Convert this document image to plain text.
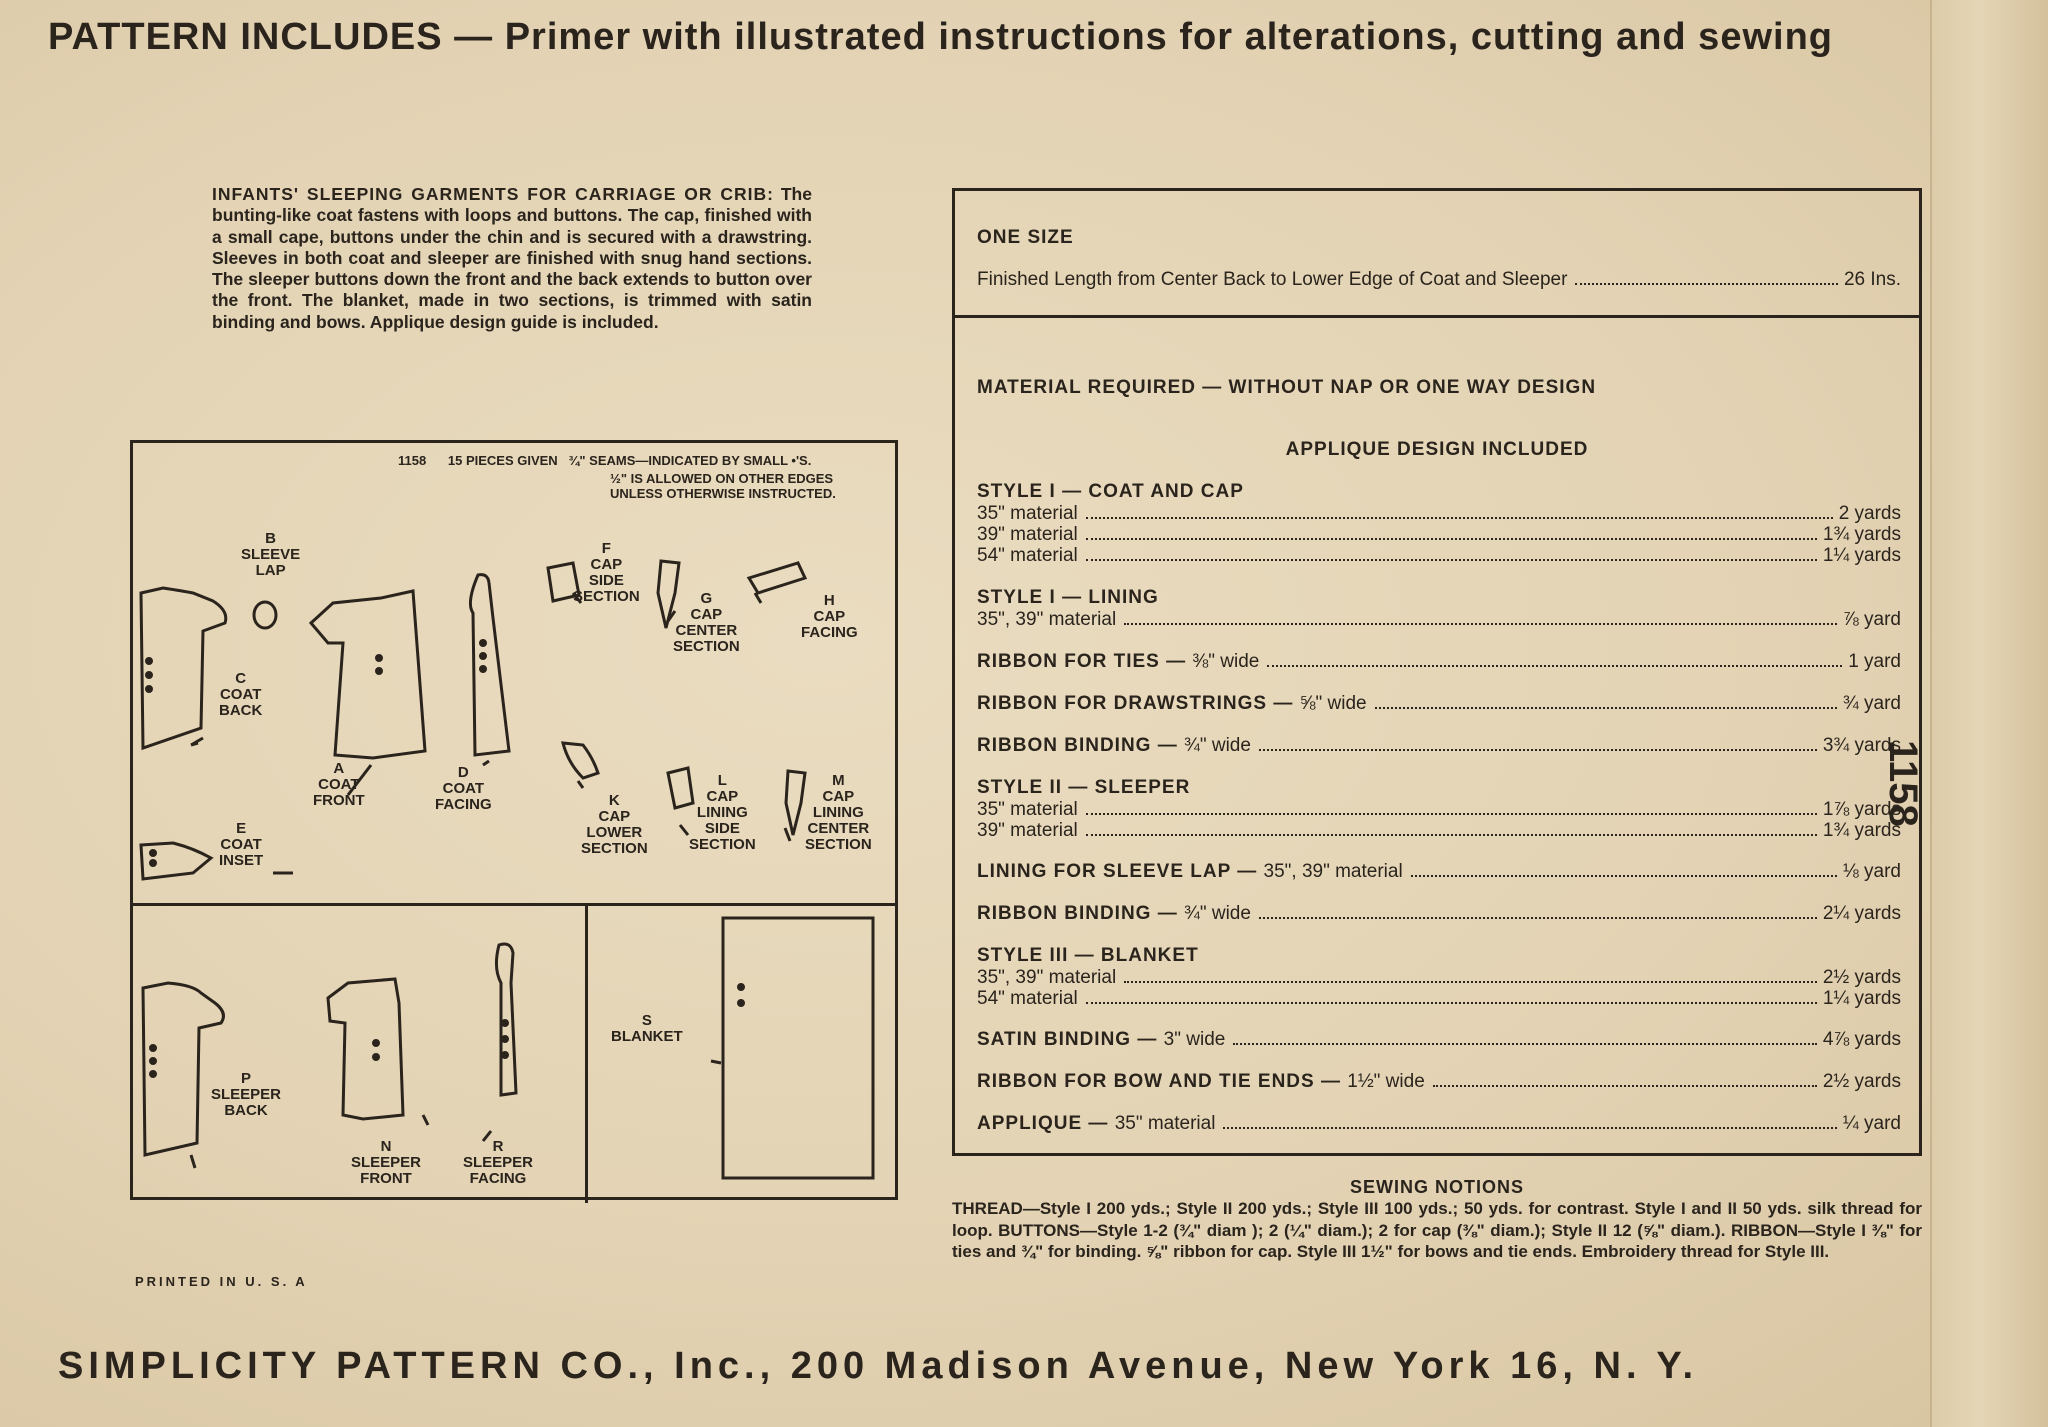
PATTERN INCLUDES — Primer with illustrated instructions for alterations, cutting and sewing
INFANTS' SLEEPING GARMENTS FOR CARRIAGE OR CRIB: The bunting-like coat fastens with loops and buttons. The cap, finished with a small cape, buttons under the chin and is secured with a drawstring. Sleeves in both coat and sleeper are finished with snug hand sections. The sleeper buttons down the front and the back extends to button over the front. The blanket, made in two sections, is trimmed with satin binding and bows. Applique design guide is included.
1158 15 PIECES GIVEN ¾" SEAMS—INDICATED BY SMALL •'S.
½" IS ALLOWED ON OTHER EDGES
UNLESS OTHERWISE INSTRUCTED.
B
SLEEVE
LAP
C
COAT
BACK
A
COAT
FRONT
D
COAT
FACING
F
CAP
SIDE
SECTION	G
CAP
CENTER
SECTION
H
CAP
FACING
E
COAT
INSET
K
CAP
LOWER
SECTION
L
CAP
LINING
SIDE
SECTION
M
CAP
LINING
CENTER
SECTION
P
SLEEPER
BACK
N
SLEEPER
FRONT
R
SLEEPER
FACING
S
BLANKET
PRINTED IN U. S. A
1158
ONE SIZE
Finished Length from Center Back to Lower Edge of Coat and Sleeper	26 Ins.
MATERIAL REQUIRED — WITHOUT NAP OR ONE WAY DESIGN
APPLIQUE DESIGN INCLUDED
STYLE I — COAT AND CAP
35" material	2 yards
39" material	1¾ yards
54" material	1¼ yards
STYLE I — LINING
35", 39" material	⅞ yard
RIBBON FOR TIES — ⅜" wide	1 yard
RIBBON FOR DRAWSTRINGS — ⅝" wide	¾ yard
RIBBON BINDING — ¾" wide	3¾ yards
STYLE II — SLEEPER
35" material	1⅞ yards
39" material	1¾ yards
LINING FOR SLEEVE LAP — 35", 39" material	⅛ yard
RIBBON BINDING — ¾" wide	2¼ yards
STYLE III — BLANKET
35", 39" material	2½ yards
54" material	1¼ yards
SATIN BINDING — 3" wide	4⅞ yards
RIBBON FOR BOW AND TIE ENDS — 1½" wide	2½ yards
APPLIQUE — 35" material	¼ yard
SEWING NOTIONS
THREAD—Style I 200 yds.; Style II 200 yds.; Style III 100 yds.; 50 yds. for contrast. Style I and II 50 yds. silk thread for loop. BUTTONS—Style 1-2 (¾" diam ); 2 (¼" diam.); 2 for cap (⅜" diam.); Style II 12 (⅝" diam.). RIBBON—Style I ⅜" for ties and ¾" for binding. ⅝" ribbon for cap. Style III 1½" for bows and tie ends. Embroidery thread for Style III.
SIMPLICITY PATTERN CO., Inc., 200 Madison Avenue, New York 16, N. Y.
